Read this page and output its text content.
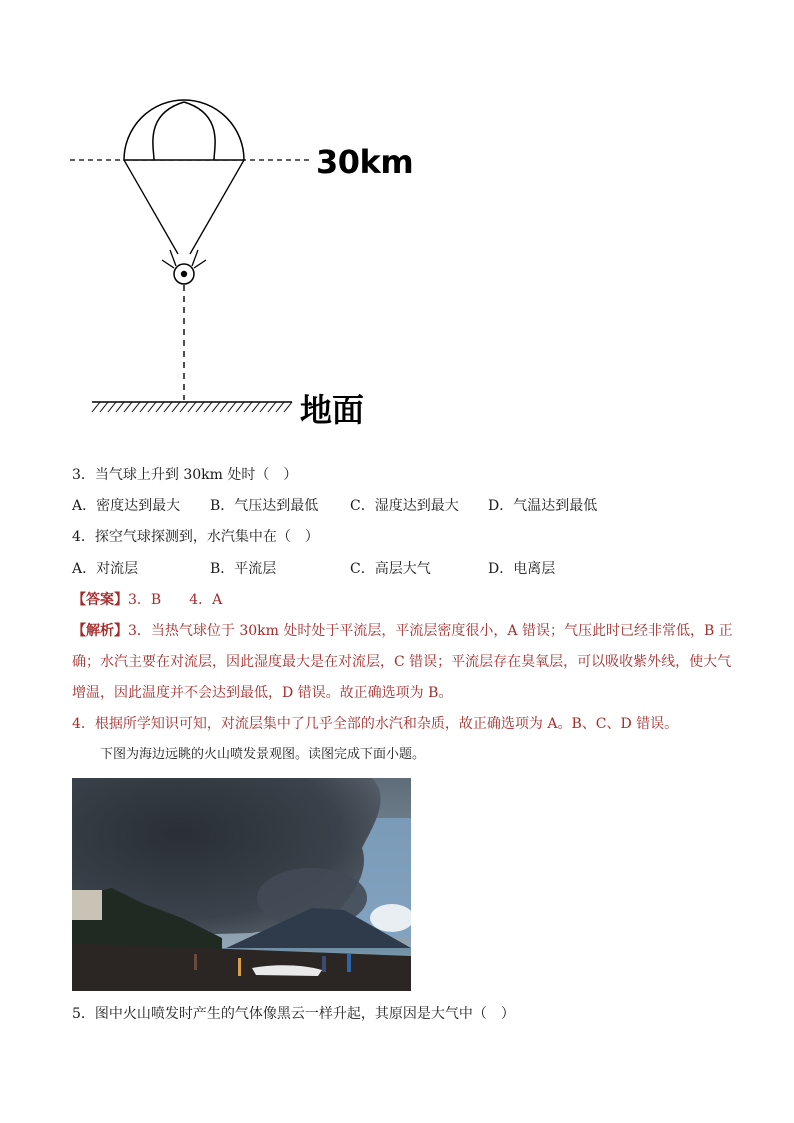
30km
地面
3．当气球上升到 30km 处时（　）
A．密度达到最大 B．气压达到最低 C．湿度达到最大 D．气温达到最低
4．探空气球探测到，水汽集中在（　）
A．对流层	B．平流层	C．高层大气	D．电离层
【答案】3．B　　4．A
【解析】3．当热气球位于 30km 处时处于平流层，平流层密度很小，A 错误；气压此时已经非常低，B 正
确；水汽主要在对流层，因此湿度最大是在对流层，C 错误；平流层存在臭氧层，可以吸收紫外线，使大气
增温，因此温度并不会达到最低，D 错误。故正确选项为 B。
4．根据所学知识可知，对流层集中了几乎全部的水汽和杂质，故正确选项为 A。B、C、D 错误。
下图为海边远眺的火山喷发景观图。读图完成下面小题。
5．图中火山喷发时产生的气体像黑云一样升起，其原因是大气中（　）
